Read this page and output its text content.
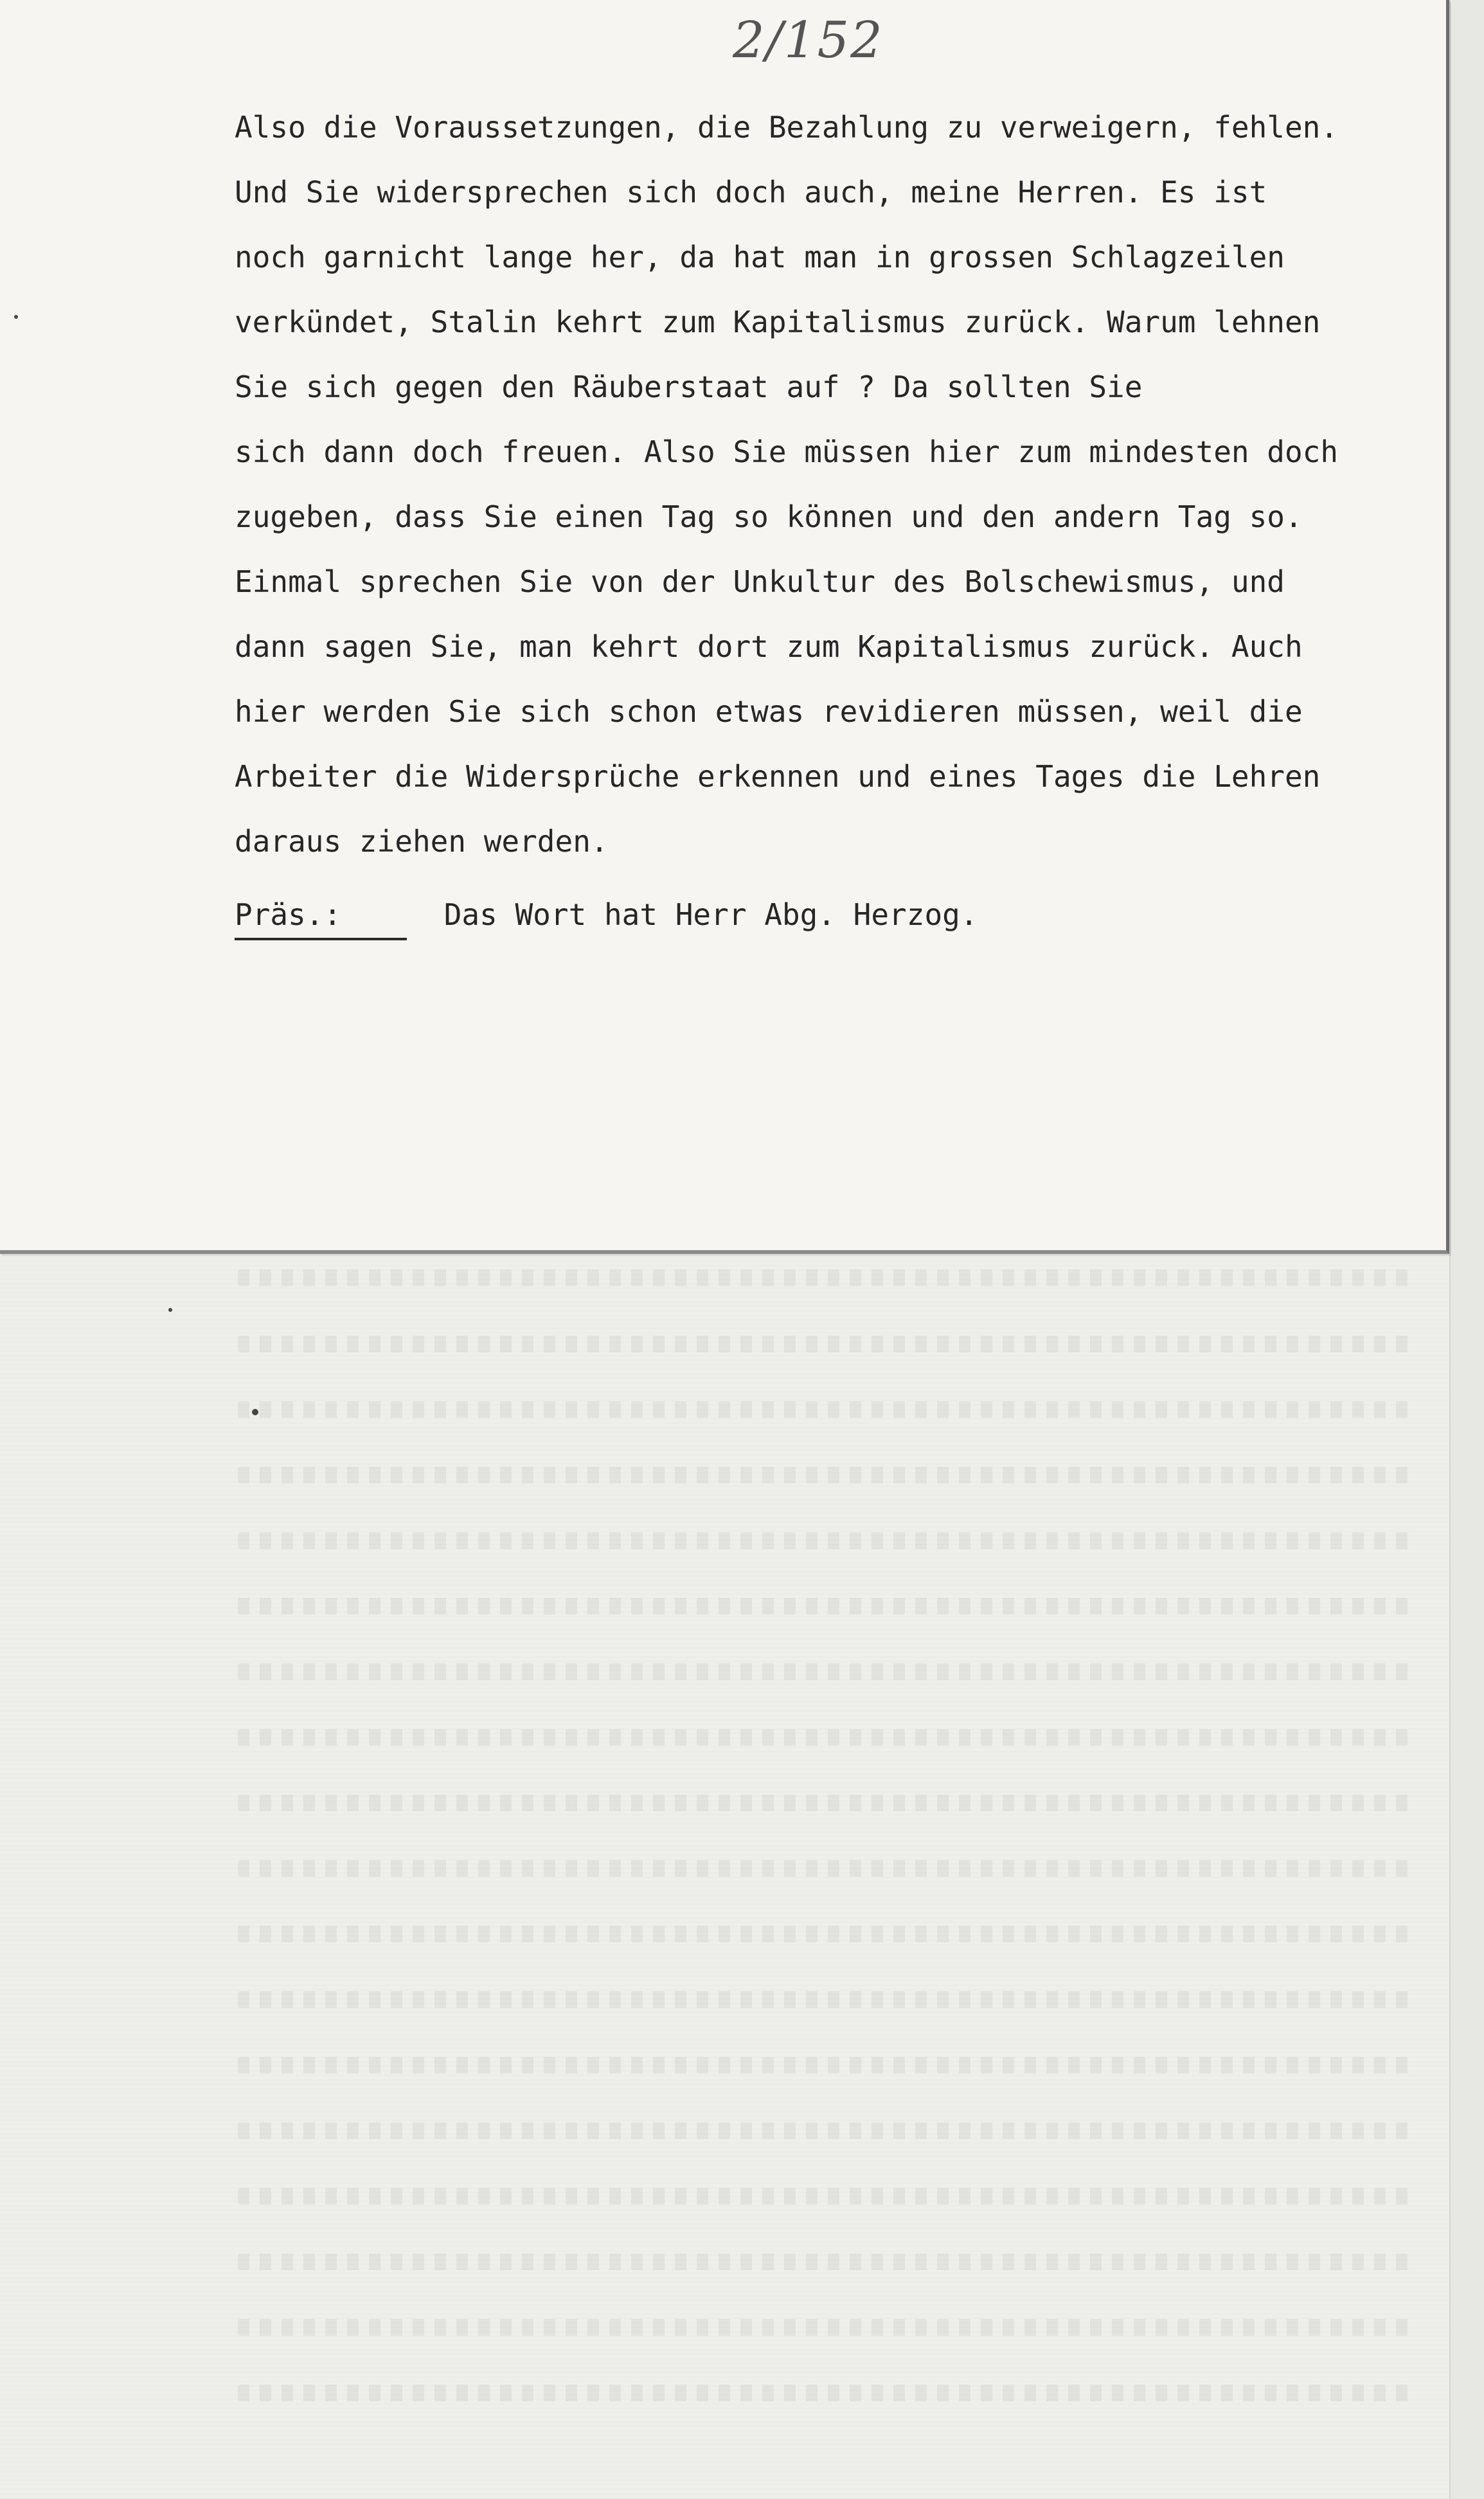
2/152
Also die Voraussetzungen, die Bezahlung zu verweigern, fehlen.
Und Sie widersprechen sich doch auch, meine Herren. Es ist
noch garnicht lange her, da hat man in grossen Schlagzeilen
verkündet, Stalin kehrt zum Kapitalismus zurück. Warum lehnen
Sie sich gegen den Räuberstaat auf ? Da sollten Sie
sich dann doch freuen. Also Sie müssen hier zum mindesten doch
zugeben, dass Sie einen Tag so können und den andern Tag so.
Einmal sprechen Sie von der Unkultur des Bolschewismus, und
dann sagen Sie, man kehrt dort zum Kapitalismus zurück. Auch
hier werden Sie sich schon etwas revidieren müssen, weil die
Arbeiter die Widersprüche erkennen und eines Tages die Lehren
daraus ziehen werden.
Präs.:	Das Wort hat Herr Abg. Herzog.
